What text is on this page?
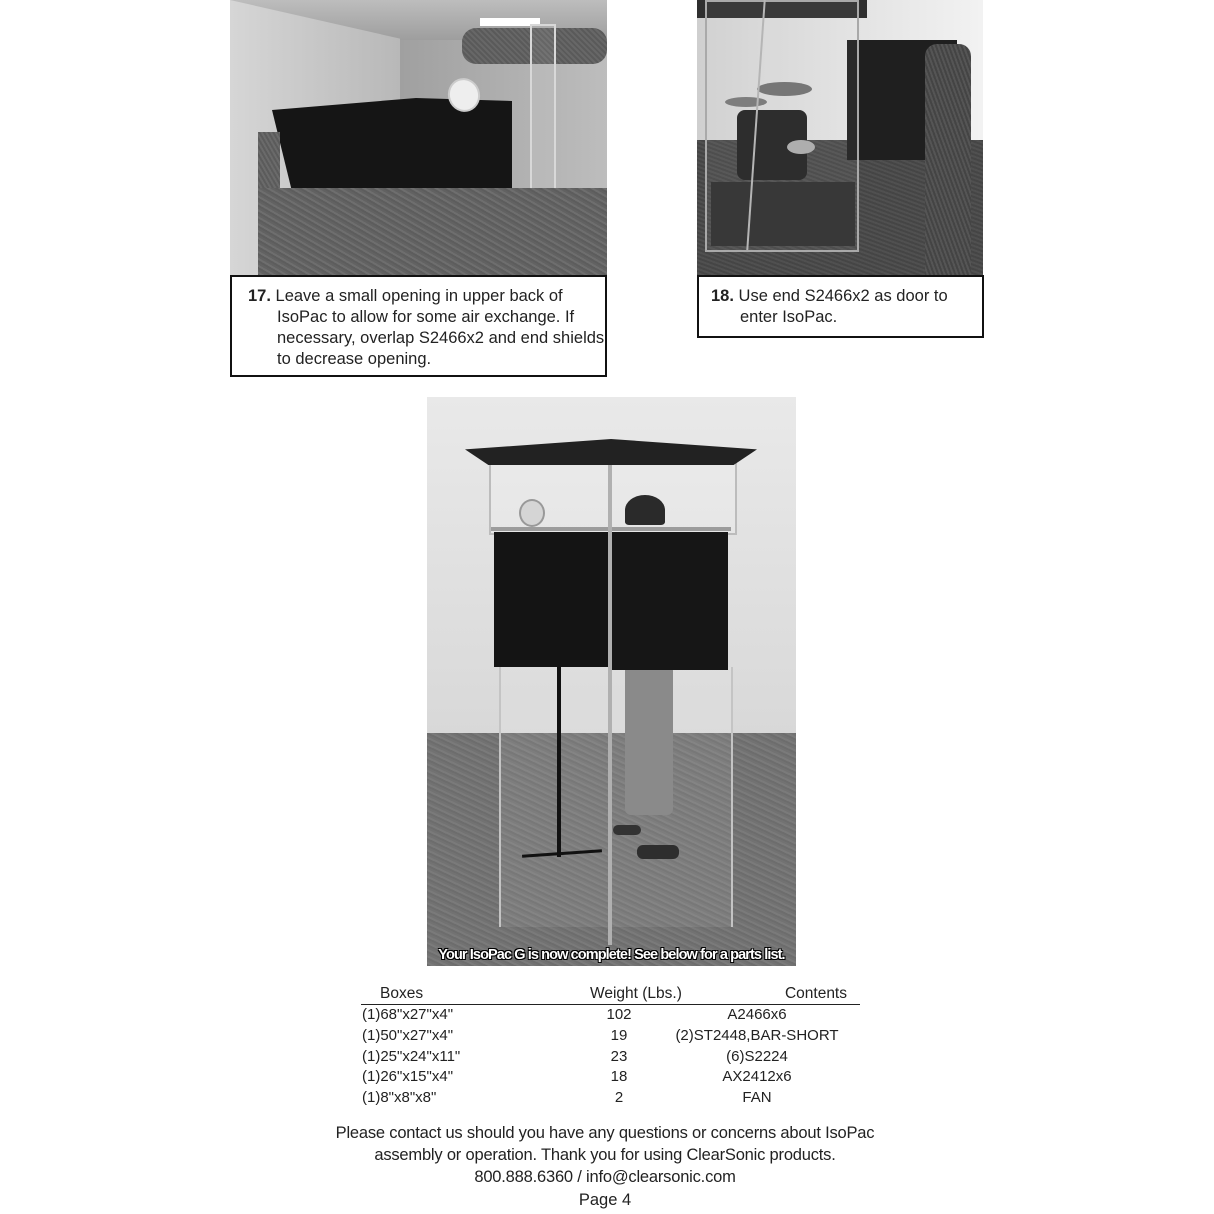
17. Leave a small opening in upper back of
IsoPac to allow for some air exchange. If
necessary, overlap S2466x2 and end shields
to decrease opening.
18. Use end S2466x2 as door to
enter IsoPac.
Your IsoPac G is now complete! See below for a parts list.
Boxes	Weight (Lbs.)	Contents
(1)68"x27"x4"	102	A2466x6
(1)50"x27"x4"	19	(2)ST2448,BAR-SHORT
(1)25"x24"x11"	23	(6)S2224
(1)26"x15"x4"	18	AX2412x6
(1)8"x8"x8"	2	FAN
Please contact us should you have any questions or concerns about IsoPac
assembly or operation. Thank you for using ClearSonic products.
800.888.6360 / info@clearsonic.com
Page 4
